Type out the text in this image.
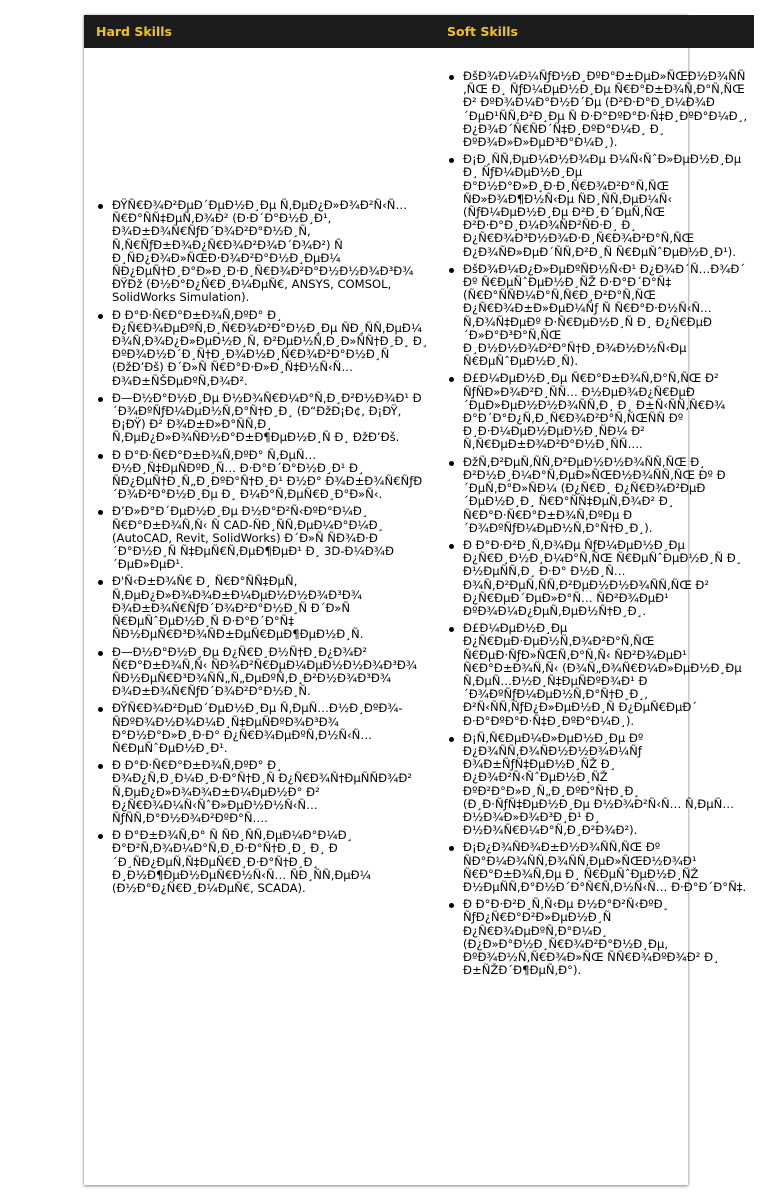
Hard Skills	Soft Skills
ÐŸÑ€Ð¾Ð²ÐµÐ´ÐµÐ½Ð¸Ðµ Ñ‚ÐµÐ¿Ð»Ð¾Ð²Ñ‹Ñ… Ñ€Ð°ÑÑ‡ÐµÑ‚Ð¾Ð² (Ð·Ð´Ð°Ð½Ð¸Ð¹, Ð¾Ð±Ð¾Ñ€ÑƒÐ´Ð¾Ð²Ð°Ð½Ð¸Ñ, Ñ‚Ñ€ÑƒÐ±Ð¾Ð¿Ñ€Ð¾Ð²Ð¾Ð´Ð¾Ð²) Ñ Ð¸ÑÐ¿Ð¾Ð»ÑŒÐ·Ð¾Ð²Ð°Ð½Ð¸ÐµÐ¼ ÑÐ¿ÐµÑ†Ð¸Ð°Ð»Ð¸Ð·Ð¸Ñ€Ð¾Ð²Ð°Ð½Ð½Ð¾Ð³Ð¾ ÐŸÐž (Ð½Ð°Ð¿Ñ€Ð¸Ð¼ÐµÑ€, ANSYS, COMSOL, SolidWorks Simulation).
Ð Ð°Ð·Ñ€Ð°Ð±Ð¾Ñ‚ÐºÐ° Ð¸ Ð¿Ñ€Ð¾ÐµÐºÑ‚Ð¸Ñ€Ð¾Ð²Ð°Ð½Ð¸Ðµ ÑÐ¸ÑÑ‚ÐµÐ¼ Ð¾Ñ‚Ð¾Ð¿Ð»ÐµÐ½Ð¸Ñ, Ð²ÐµÐ½Ñ‚Ð¸Ð»ÑÑ†Ð¸Ð¸ Ð¸ ÐºÐ¾Ð½Ð´Ð¸Ñ†Ð¸Ð¾Ð½Ð¸Ñ€Ð¾Ð²Ð°Ð½Ð¸Ñ (ÐžÐ’Ðš) Ð´Ð»Ñ Ñ€Ð°Ð·Ð»Ð¸Ñ‡Ð½Ñ‹Ñ… Ð¾Ð±ÑŠÐµÐºÑ‚Ð¾Ð².
Ð—Ð½Ð°Ð½Ð¸Ðµ Ð½Ð¾Ñ€Ð¼Ð°Ñ‚Ð¸Ð²Ð½Ð¾Ð¹ Ð´Ð¾ÐºÑƒÐ¼ÐµÐ½Ñ‚Ð°Ñ†Ð¸Ð¸ (Ð“ÐžÐ¡Ð¢, Ð¡ÐŸ, Ð¡ÐŸ) Ð² Ð¾Ð±Ð»Ð°ÑÑ‚Ð¸ Ñ‚ÐµÐ¿Ð»Ð¾ÑÐ½Ð°Ð±Ð¶ÐµÐ½Ð¸Ñ Ð¸ ÐžÐ’Ðš.
Ð Ð°Ð·Ñ€Ð°Ð±Ð¾Ñ‚ÐºÐ° Ñ‚ÐµÑ…Ð½Ð¸Ñ‡ÐµÑÐºÐ¸Ñ… Ð·Ð°Ð´Ð°Ð½Ð¸Ð¹ Ð¸ ÑÐ¿ÐµÑ†Ð¸Ñ„Ð¸ÐºÐ°Ñ†Ð¸Ð¹ Ð½Ð° Ð¾Ð±Ð¾Ñ€ÑƒÐ´Ð¾Ð²Ð°Ð½Ð¸Ðµ Ð¸ Ð¼Ð°Ñ‚ÐµÑ€Ð¸Ð°Ð»Ñ‹.
Ð’Ð»Ð°Ð´ÐµÐ½Ð¸Ðµ Ð½Ð°Ð²Ñ‹ÐºÐ°Ð¼Ð¸ Ñ€Ð°Ð±Ð¾Ñ‚Ñ‹ Ñ CAD-ÑÐ¸ÑÑ‚ÐµÐ¼Ð°Ð¼Ð¸ (AutoCAD, Revit, SolidWorks) Ð´Ð»Ñ ÑÐ¾Ð·Ð´Ð°Ð½Ð¸Ñ Ñ‡ÐµÑ€Ñ‚ÐµÐ¶ÐµÐ¹ Ð¸ 3D-Ð¼Ð¾Ð´ÐµÐ»ÐµÐ¹.
Ð'Ñ‹Ð±Ð¾Ñ€ Ð¸ Ñ€Ð°ÑÑ‡ÐµÑ‚ Ñ‚ÐµÐ¿Ð»Ð¾Ð¾Ð±Ð¼ÐµÐ½Ð½Ð¾Ð³Ð¾ Ð¾Ð±Ð¾Ñ€ÑƒÐ´Ð¾Ð²Ð°Ð½Ð¸Ñ Ð´Ð»Ñ Ñ€ÐµÑˆÐµÐ½Ð¸Ñ Ð·Ð°Ð´Ð°Ñ‡ ÑÐ½ÐµÑ€Ð³Ð¾ÑÐ±ÐµÑ€ÐµÐ¶ÐµÐ½Ð¸Ñ.
Ð—Ð½Ð°Ð½Ð¸Ðµ Ð¿Ñ€Ð¸Ð½Ñ†Ð¸Ð¿Ð¾Ð² Ñ€Ð°Ð±Ð¾Ñ‚Ñ‹ ÑÐ¾Ð²Ñ€ÐµÐ¼ÐµÐ½Ð½Ð¾Ð³Ð¾ ÑÐ½ÐµÑ€Ð³Ð¾ÑÑ„Ñ„ÐµÐºÑ‚Ð¸Ð²Ð½Ð¾Ð³Ð¾ Ð¾Ð±Ð¾Ñ€ÑƒÐ´Ð¾Ð²Ð°Ð½Ð¸Ñ.
ÐŸÑ€Ð¾Ð²ÐµÐ´ÐµÐ½Ð¸Ðµ Ñ‚ÐµÑ…Ð½Ð¸ÐºÐ¾-ÑÐºÐ¾Ð½Ð¾Ð¼Ð¸Ñ‡ÐµÑÐºÐ¾Ð³Ð¾ Ð°Ð½Ð°Ð»Ð¸Ð·Ð° Ð¿Ñ€Ð¾ÐµÐºÑ‚Ð½Ñ‹Ñ… Ñ€ÐµÑˆÐµÐ½Ð¸Ð¹.
Ð Ð°Ð·Ñ€Ð°Ð±Ð¾Ñ‚ÐºÐ° Ð¸ Ð¾Ð¿Ñ‚Ð¸Ð¼Ð¸Ð·Ð°Ñ†Ð¸Ñ Ð¿Ñ€Ð¾Ñ†ÐµÑÑÐ¾Ð² Ñ‚ÐµÐ¿Ð»Ð¾Ð¾Ð±Ð¼ÐµÐ½Ð° Ð² Ð¿Ñ€Ð¾Ð¼Ñ‹ÑˆÐ»ÐµÐ½Ð½Ñ‹Ñ… ÑƒÑÑ‚Ð°Ð½Ð¾Ð²ÐºÐ°Ñ….
Ð Ð°Ð±Ð¾Ñ‚Ð° Ñ ÑÐ¸ÑÑ‚ÐµÐ¼Ð°Ð¼Ð¸ Ð°Ð²Ñ‚Ð¾Ð¼Ð°Ñ‚Ð¸Ð·Ð°Ñ†Ð¸Ð¸ Ð¸ Ð´Ð¸ÑÐ¿ÐµÑ‚Ñ‡ÐµÑ€Ð¸Ð·Ð°Ñ†Ð¸Ð¸ Ð¸Ð½Ð¶ÐµÐ½ÐµÑ€Ð½Ñ‹Ñ… ÑÐ¸ÑÑ‚ÐµÐ¼ (Ð½Ð°Ð¿Ñ€Ð¸Ð¼ÐµÑ€, SCADA).
ÐšÐ¾Ð¼Ð¼ÑƒÐ½Ð¸ÐºÐ°Ð±ÐµÐ»ÑŒÐ½Ð¾ÑÑ‚ÑŒ Ð¸ ÑƒÐ¼ÐµÐ½Ð¸Ðµ Ñ€Ð°Ð±Ð¾Ñ‚Ð°Ñ‚ÑŒ Ð² ÐºÐ¾Ð¼Ð°Ð½Ð´Ðµ (Ð²Ð·Ð°Ð¸Ð¼Ð¾Ð´ÐµÐ¹ÑÑ‚Ð²Ð¸Ðµ Ñ Ð·Ð°ÐºÐ°Ð·Ñ‡Ð¸ÐºÐ°Ð¼Ð¸, Ð¿Ð¾Ð´Ñ€ÑÐ´Ñ‡Ð¸ÐºÐ°Ð¼Ð¸ Ð¸ ÐºÐ¾Ð»Ð»ÐµÐ³Ð°Ð¼Ð¸).
Ð¡Ð¸ÑÑ‚ÐµÐ¼Ð½Ð¾Ðµ Ð¼Ñ‹ÑˆÐ»ÐµÐ½Ð¸Ðµ Ð¸ ÑƒÐ¼ÐµÐ½Ð¸Ðµ Ð°Ð½Ð°Ð»Ð¸Ð·Ð¸Ñ€Ð¾Ð²Ð°Ñ‚ÑŒ ÑÐ»Ð¾Ð¶Ð½Ñ‹Ðµ ÑÐ¸ÑÑ‚ÐµÐ¼Ñ‹ (ÑƒÐ¼ÐµÐ½Ð¸Ðµ Ð²Ð¸Ð´ÐµÑ‚ÑŒ Ð²Ð·Ð°Ð¸Ð¼Ð¾ÑÐ²ÑÐ·Ð¸ Ð¸ Ð¿Ñ€Ð¾Ð³Ð½Ð¾Ð·Ð¸Ñ€Ð¾Ð²Ð°Ñ‚ÑŒ Ð¿Ð¾ÑÐ»ÐµÐ´ÑÑ‚Ð²Ð¸Ñ Ñ€ÐµÑˆÐµÐ½Ð¸Ð¹).
ÐšÐ¾Ð¼Ð¿Ð»ÐµÐºÑÐ½Ñ‹Ð¹ Ð¿Ð¾Ð´Ñ…Ð¾Ð´ Ðº Ñ€ÐµÑˆÐµÐ½Ð¸ÑŽ Ð·Ð°Ð´Ð°Ñ‡ (Ñ€Ð°ÑÑÐ¼Ð°Ñ‚Ñ€Ð¸Ð²Ð°Ñ‚ÑŒ Ð¿Ñ€Ð¾Ð±Ð»ÐµÐ¼Ñƒ Ñ Ñ€Ð°Ð·Ð½Ñ‹Ñ… Ñ‚Ð¾Ñ‡ÐµÐº Ð·Ñ€ÐµÐ½Ð¸Ñ Ð¸ Ð¿Ñ€ÐµÐ´Ð»Ð°Ð³Ð°Ñ‚ÑŒ Ð¸Ð½Ð½Ð¾Ð²Ð°Ñ†Ð¸Ð¾Ð½Ð½Ñ‹Ðµ Ñ€ÐµÑˆÐµÐ½Ð¸Ñ).
Ð£Ð¼ÐµÐ½Ð¸Ðµ Ñ€Ð°Ð±Ð¾Ñ‚Ð°Ñ‚ÑŒ Ð² ÑƒÑÐ»Ð¾Ð²Ð¸ÑÑ… Ð½ÐµÐ¾Ð¿Ñ€ÐµÐ´ÐµÐ»ÐµÐ½Ð½Ð¾ÑÑ‚Ð¸ Ð¸ Ð±Ñ‹ÑÑ‚Ñ€Ð¾ Ð°Ð´Ð°Ð¿Ñ‚Ð¸Ñ€Ð¾Ð²Ð°Ñ‚ÑŒÑÑ Ðº Ð¸Ð·Ð¼ÐµÐ½ÐµÐ½Ð¸ÑÐ¼ Ð² Ñ‚Ñ€ÐµÐ±Ð¾Ð²Ð°Ð½Ð¸ÑÑ….
ÐžÑ‚Ð²ÐµÑ‚ÑÑ‚Ð²ÐµÐ½Ð½Ð¾ÑÑ‚ÑŒ Ð¸ Ð²Ð½Ð¸Ð¼Ð°Ñ‚ÐµÐ»ÑŒÐ½Ð¾ÑÑ‚ÑŒ Ðº Ð´ÐµÑ‚Ð°Ð»ÑÐ¼ (Ð¿Ñ€Ð¸ Ð¿Ñ€Ð¾Ð²ÐµÐ´ÐµÐ½Ð¸Ð¸ Ñ€Ð°ÑÑ‡ÐµÑ‚Ð¾Ð² Ð¸ Ñ€Ð°Ð·Ñ€Ð°Ð±Ð¾Ñ‚ÐºÐµ Ð´Ð¾ÐºÑƒÐ¼ÐµÐ½Ñ‚Ð°Ñ†Ð¸Ð¸).
Ð Ð°Ð·Ð²Ð¸Ñ‚Ð¾Ðµ ÑƒÐ¼ÐµÐ½Ð¸Ðµ Ð¿Ñ€Ð¸Ð½Ð¸Ð¼Ð°Ñ‚ÑŒ Ñ€ÐµÑˆÐµÐ½Ð¸Ñ Ð¸ Ð½ÐµÑÑ‚Ð¸ Ð·Ð° Ð½Ð¸Ñ… Ð¾Ñ‚Ð²ÐµÑ‚ÑÑ‚Ð²ÐµÐ½Ð½Ð¾ÑÑ‚ÑŒ Ð² Ð¿Ñ€ÐµÐ´ÐµÐ»Ð°Ñ… ÑÐ²Ð¾ÐµÐ¹ ÐºÐ¾Ð¼Ð¿ÐµÑ‚ÐµÐ½Ñ†Ð¸Ð¸.
Ð£Ð¼ÐµÐ½Ð¸Ðµ Ð¿Ñ€ÐµÐ·ÐµÐ½Ñ‚Ð¾Ð²Ð°Ñ‚ÑŒ Ñ€ÐµÐ·ÑƒÐ»ÑŒÑ‚Ð°Ñ‚Ñ‹ ÑÐ²Ð¾ÐµÐ¹ Ñ€Ð°Ð±Ð¾Ñ‚Ñ‹ (Ð¾Ñ„Ð¾Ñ€Ð¼Ð»ÐµÐ½Ð¸Ðµ Ñ‚ÐµÑ…Ð½Ð¸Ñ‡ÐµÑÐºÐ¾Ð¹ Ð´Ð¾ÐºÑƒÐ¼ÐµÐ½Ñ‚Ð°Ñ†Ð¸Ð¸, Ð²Ñ‹ÑÑ‚ÑƒÐ¿Ð»ÐµÐ½Ð¸Ñ Ð¿ÐµÑ€ÐµÐ´ Ð·Ð°ÐºÐ°Ð·Ñ‡Ð¸ÐºÐ°Ð¼Ð¸).
Ð¡Ñ‚Ñ€ÐµÐ¼Ð»ÐµÐ½Ð¸Ðµ Ðº Ð¿Ð¾ÑÑ‚Ð¾ÑÐ½Ð½Ð¾Ð¼Ñƒ Ð¾Ð±ÑƒÑ‡ÐµÐ½Ð¸ÑŽ Ð¸ Ð¿Ð¾Ð²Ñ‹ÑˆÐµÐ½Ð¸ÑŽ ÐºÐ²Ð°Ð»Ð¸Ñ„Ð¸ÐºÐ°Ñ†Ð¸Ð¸ (Ð¸Ð·ÑƒÑ‡ÐµÐ½Ð¸Ðµ Ð½Ð¾Ð²Ñ‹Ñ… Ñ‚ÐµÑ…Ð½Ð¾Ð»Ð¾Ð³Ð¸Ð¹ Ð¸ Ð½Ð¾Ñ€Ð¼Ð°Ñ‚Ð¸Ð²Ð¾Ð²).
Ð¡Ð¿Ð¾ÑÐ¾Ð±Ð½Ð¾ÑÑ‚ÑŒ Ðº ÑÐ°Ð¼Ð¾ÑÑ‚Ð¾ÑÑ‚ÐµÐ»ÑŒÐ½Ð¾Ð¹ Ñ€Ð°Ð±Ð¾Ñ‚Ðµ Ð¸ Ñ€ÐµÑˆÐµÐ½Ð¸ÑŽ Ð½ÐµÑÑ‚Ð°Ð½Ð´Ð°Ñ€Ñ‚Ð½Ñ‹Ñ… Ð·Ð°Ð´Ð°Ñ‡.
Ð Ð°Ð·Ð²Ð¸Ñ‚Ñ‹Ðµ Ð½Ð°Ð²Ñ‹ÐºÐ¸ ÑƒÐ¿Ñ€Ð°Ð²Ð»ÐµÐ½Ð¸Ñ Ð¿Ñ€Ð¾ÐµÐºÑ‚Ð°Ð¼Ð¸ (Ð¿Ð»Ð°Ð½Ð¸Ñ€Ð¾Ð²Ð°Ð½Ð¸Ðµ, ÐºÐ¾Ð½Ñ‚Ñ€Ð¾Ð»ÑŒ ÑÑ€Ð¾ÐºÐ¾Ð² Ð¸ Ð±ÑŽÐ´Ð¶ÐµÑ‚Ð°).
